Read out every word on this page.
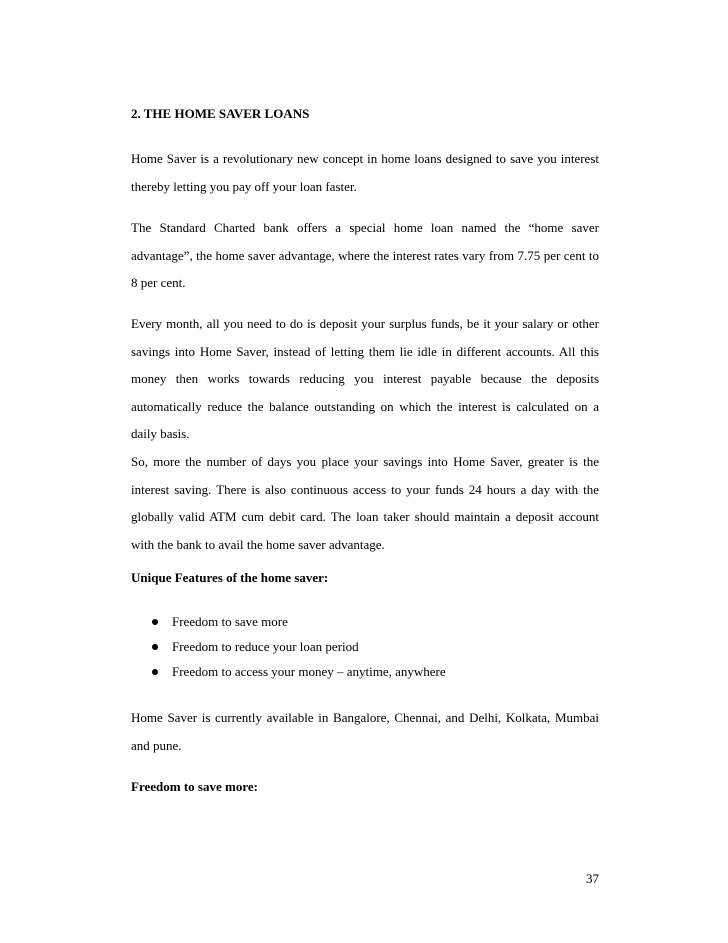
2. THE HOME SAVER LOANS

Home Saver is a revolutionary new concept in home loans designed to save you interest thereby letting you pay off your loan faster.

The Standard Charted bank offers a special home loan named the “home saver advantage”, the home saver advantage, where the interest rates vary from 7.75 per cent to 8 per cent.

Every month, all you need to do is deposit your surplus funds, be it your salary or other savings into Home Saver, instead of letting them lie idle in different accounts. All this money then works towards reducing you interest payable because the deposits automatically reduce the balance outstanding on which the interest is calculated on a daily basis.

So, more the number of days you place your savings into Home Saver, greater is the interest saving. There is also continuous access to your funds 24 hours a day with the globally valid ATM cum debit card. The loan taker should maintain a deposit account with the bank to avail the home saver advantage.

Unique Features of the home saver:
Freedom to save more
Freedom to reduce your loan period
Freedom to access your money – anytime, anywhere

Home Saver is currently available in Bangalore, Chennai, and Delhi, Kolkata, Mumbai and pune.

Freedom to save more:
37
